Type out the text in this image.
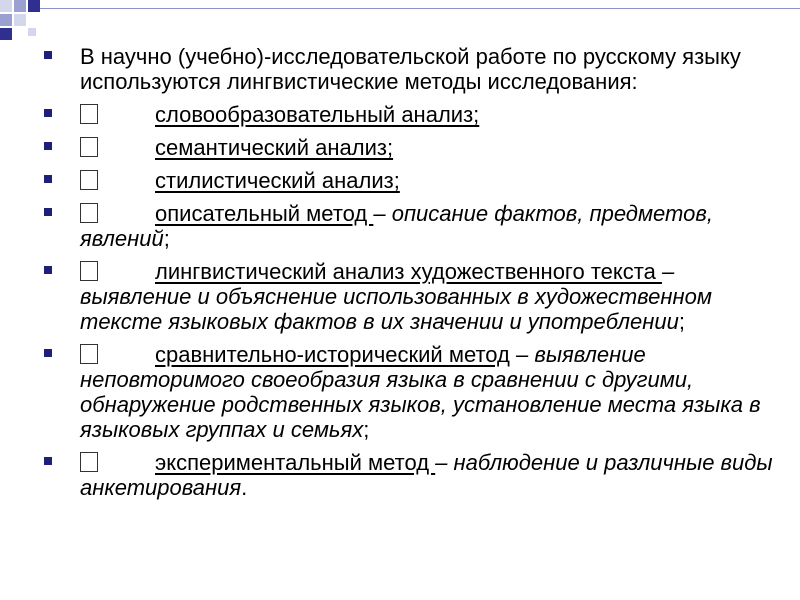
В научно (учебно)-исследовательской работе по русскому языку используются лингвистические методы исследования:
словообразовательный анализ;
семантический анализ;
стилистический анализ;
описательный метод – описание фактов, предметов, явлений;
лингвистический анализ художественного текста – выявление и объяснение использованных в художественном тексте языковых фактов в их значении и употреблении;
сравнительно-исторический метод – выявление неповторимого своеобразия языка в сравнении с другими, обнаружение родственных языков, установление места языка в языковых группах и семьях;
экспериментальный метод – наблюдение и различные виды анкетирования.
